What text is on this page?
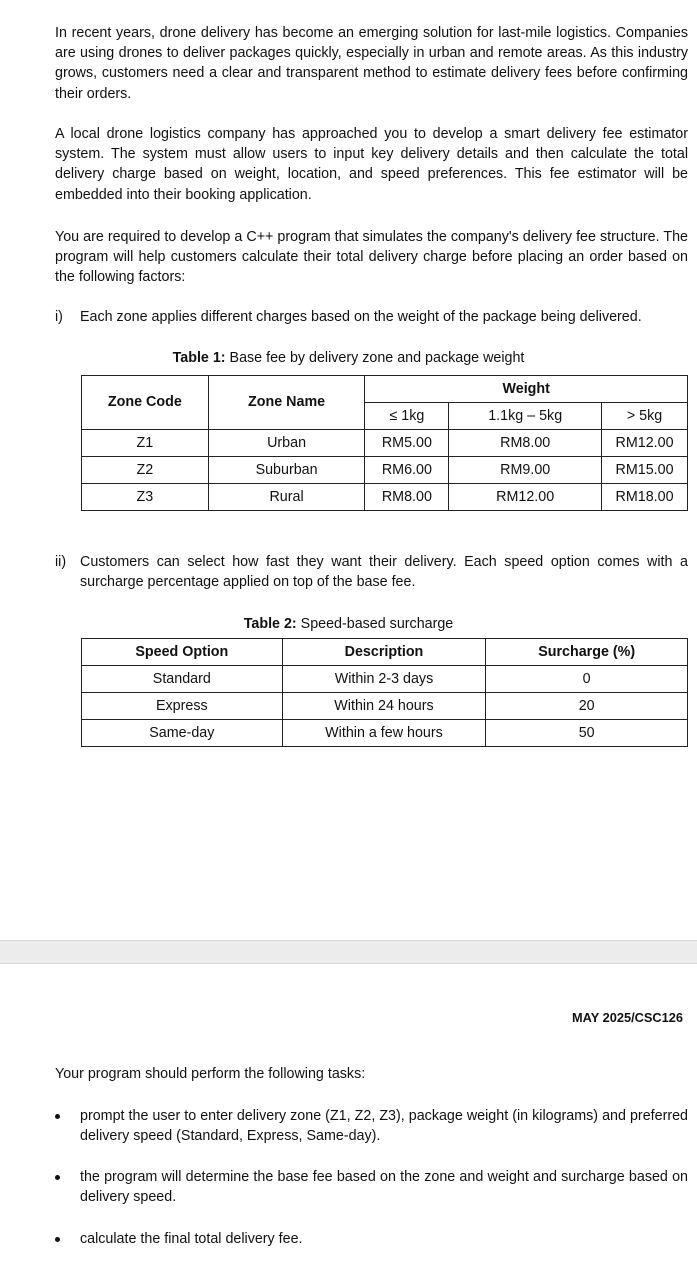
In recent years, drone delivery has become an emerging solution for last-mile logistics. Companies are using drones to deliver packages quickly, especially in urban and remote areas. As this industry grows, customers need a clear and transparent method to estimate delivery fees before confirming their orders.

A local drone logistics company has approached you to develop a smart delivery fee estimator system. The system must allow users to input key delivery details and then calculate the total delivery charge based on weight, location, and speed preferences. This fee estimator will be embedded into their booking application.

You are required to develop a C++ program that simulates the company's delivery fee structure. The program will help customers calculate their total delivery charge before placing an order based on the following factors:

i) Each zone applies different charges based on the weight of the package being delivered.
Table 1: Base fee by delivery zone and package weight
Zone Code	Zone Name	Weight		
		≤ 1kg	1.1kg – 5kg	> 5kg
Z1	Urban	RM5.00	RM8.00	RM12.00
Z2	Suburban	RM6.00	RM9.00	RM15.00
Z3	Rural	RM8.00	RM12.00	RM18.00
ii) Customers can select how fast they want their delivery. Each speed option comes with a surcharge percentage applied on top of the base fee.
Table 2: Speed-based surcharge
Speed Option	Description	Surcharge (%)
Standard	Within 2-3 days	0
Express	Within 24 hours	20
Same-day	Within a few hours	50
MAY 2025/CSC126

Your program should perform the following tasks:

prompt the user to enter delivery zone (Z1, Z2, Z3), package weight (in kilograms) and preferred delivery speed (Standard, Express, Same-day).
the program will determine the base fee based on the zone and weight and surcharge based on delivery speed.
calculate the final total delivery fee.
